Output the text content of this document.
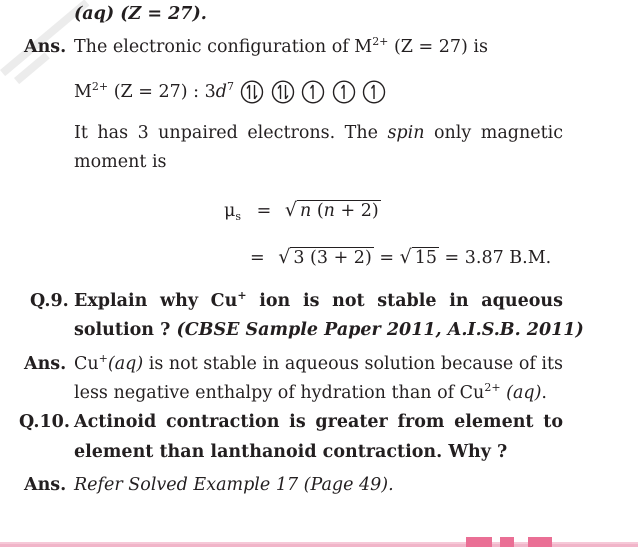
(aq) (Z = 27).
Ans. The electronic configuration of $M^{2+}$ (Z = 27) is
$M^{2+}$ (Z = 27) : $3d^7$
It has 3 unpaired electrons. The spin only magnetic
moment is
$\mu_s$ = √ n (n + 2)
= √ 3 (3 + 2) = √ 15 = 3.87 B.M.
Q.9. Explain why Cu+ ion is not stable in aqueous
solution ? (CBSE Sample Paper 2011, A.I.S.B. 2011)
Ans. Cu+(aq) is not stable in aqueous solution because of its
less negative enthalpy of hydration than of $Cu^{2+}$ (aq).
Q.10. Actinoid contraction is greater from element to
element than lanthanoid contraction. Why ?
Ans. Refer Solved Example 17 (Page 49).
